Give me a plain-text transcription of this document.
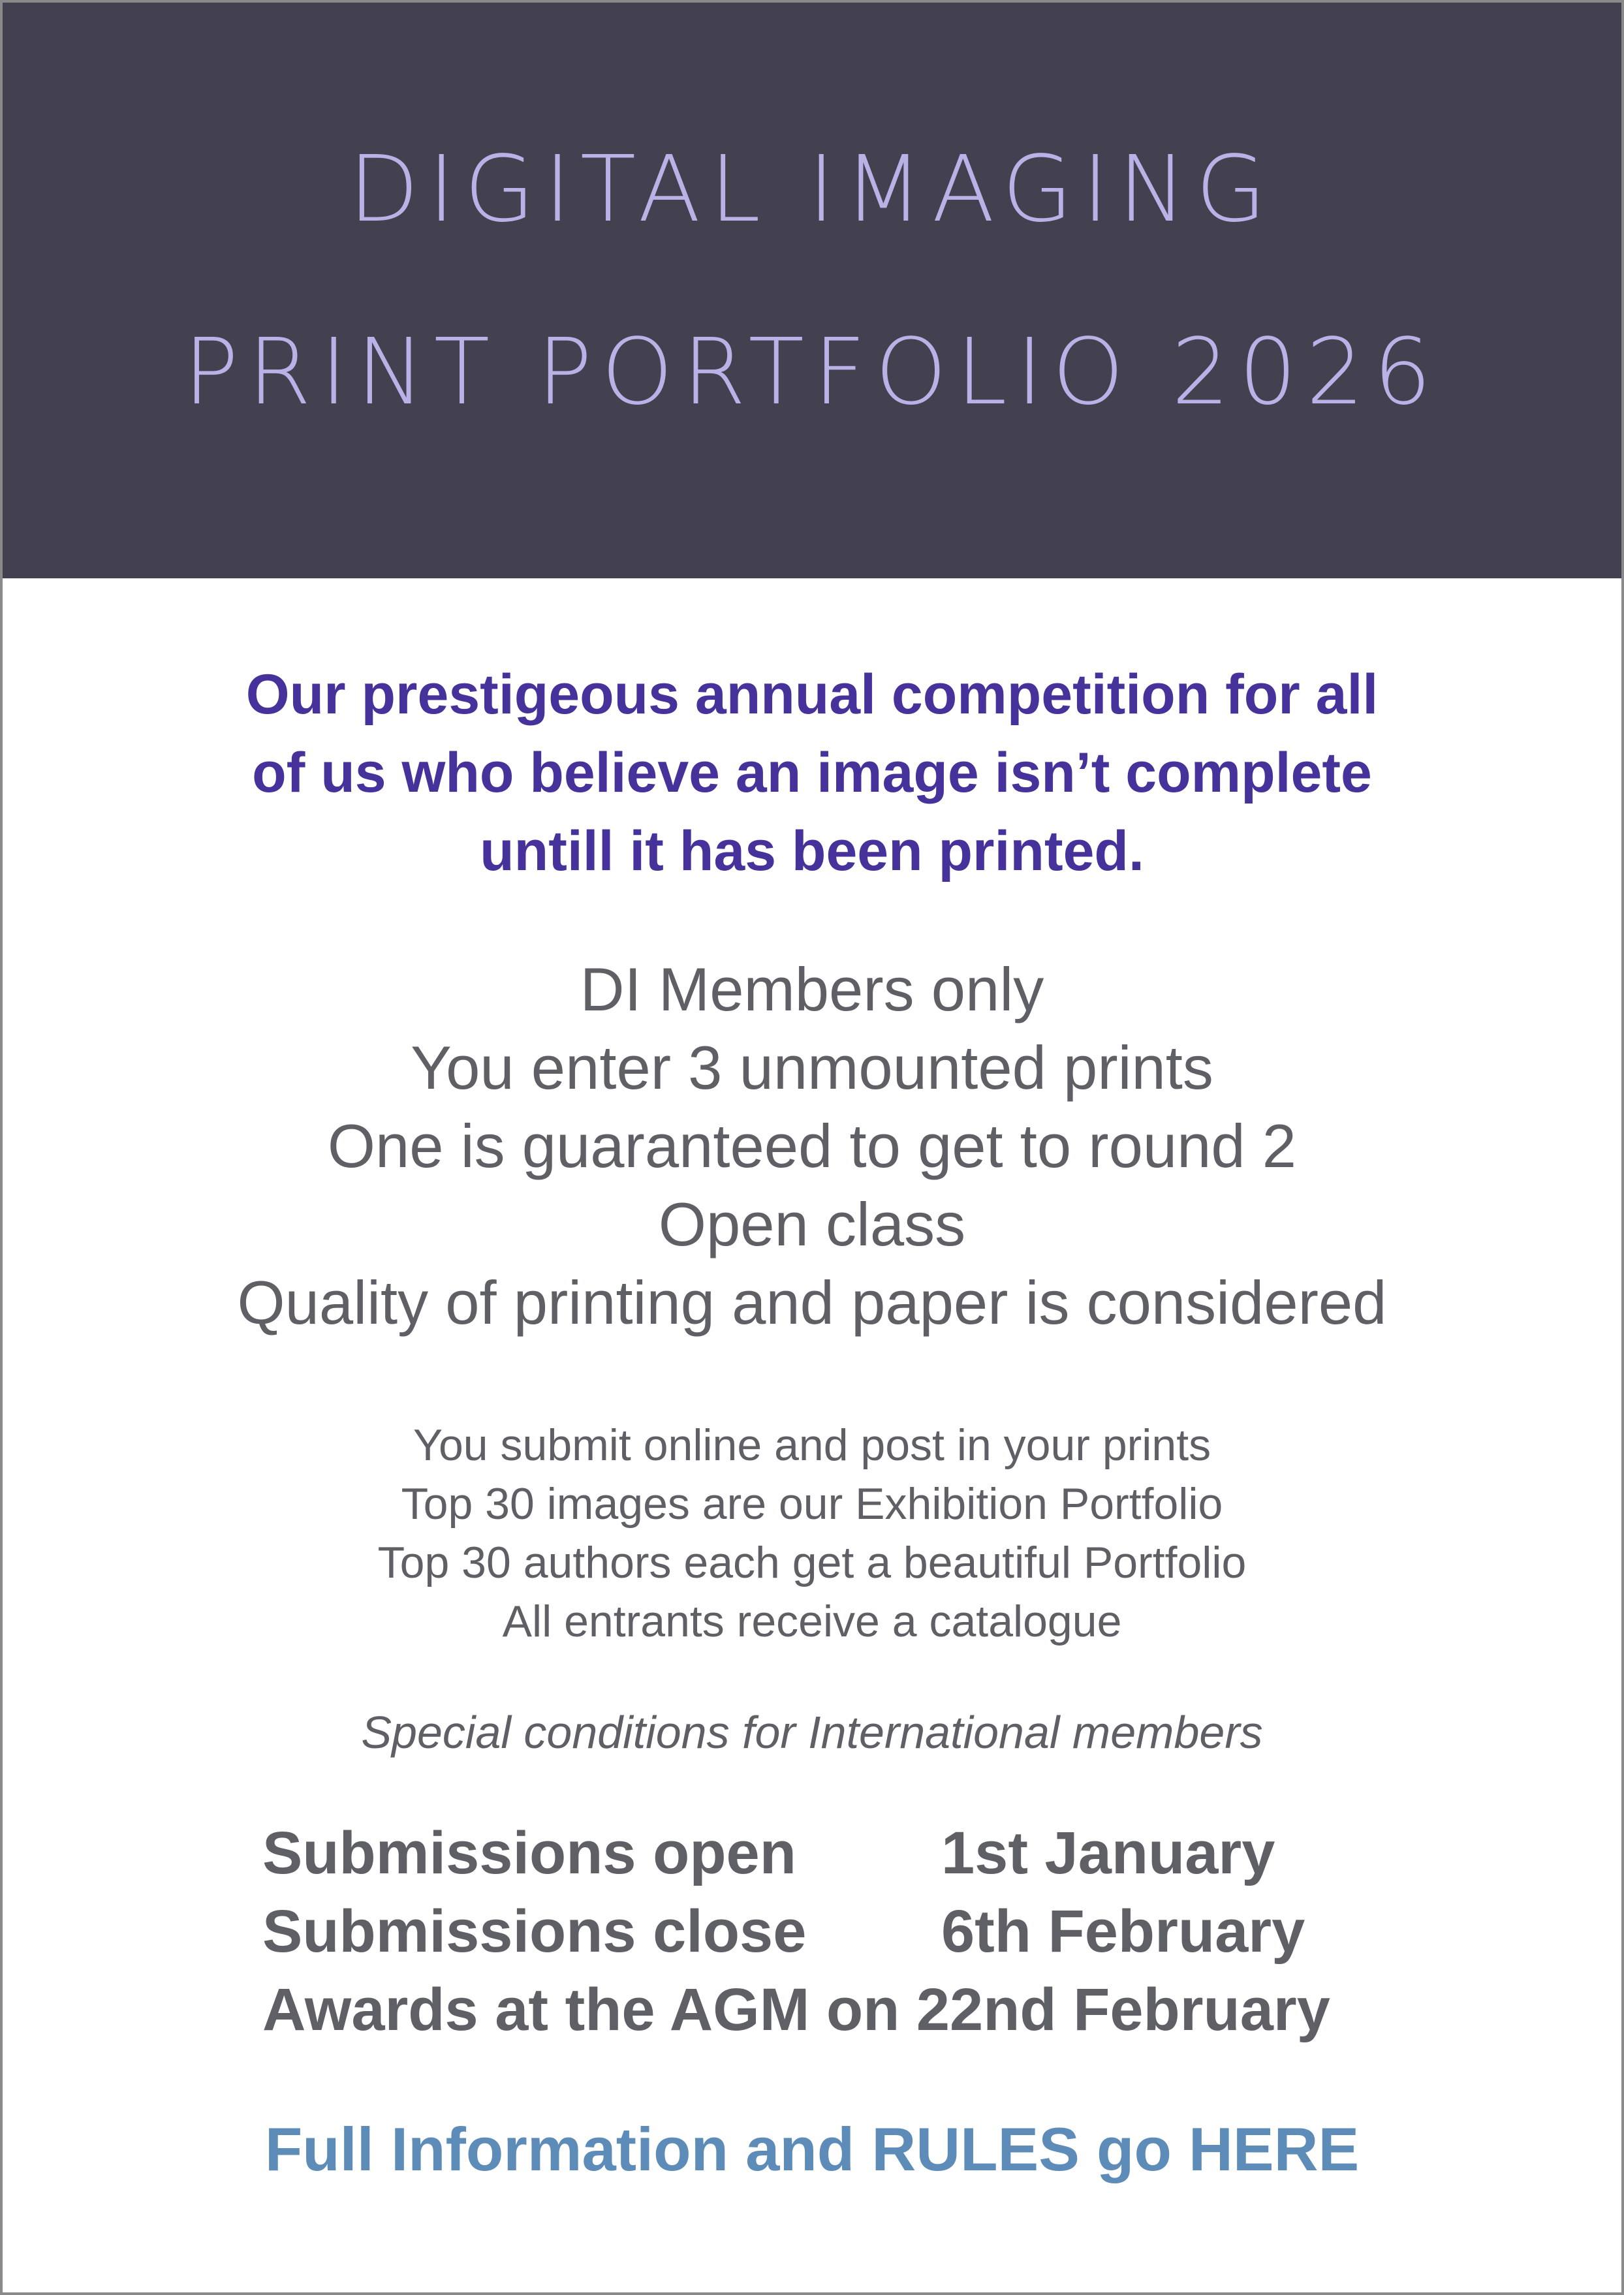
DIGITAL IMAGING
PRINT PORTFOLIO 2026
Our prestigeous annual competition for all
of us who believe an image isn’t complete
untill it has been printed.
DI Members only
You enter 3 unmounted prints
One is guaranteed to get to round 2
Open class
Quality of printing and paper is considered
You submit online and post in your prints
Top 30 images are our Exhibition Portfolio
Top 30 authors each get a beautiful Portfolio
All entrants receive a catalogue
Special conditions for International members
Submissions open 1st January
Submissions close 6th February
Awards at the AGM on 22nd February
Full Information and RULES go HERE
